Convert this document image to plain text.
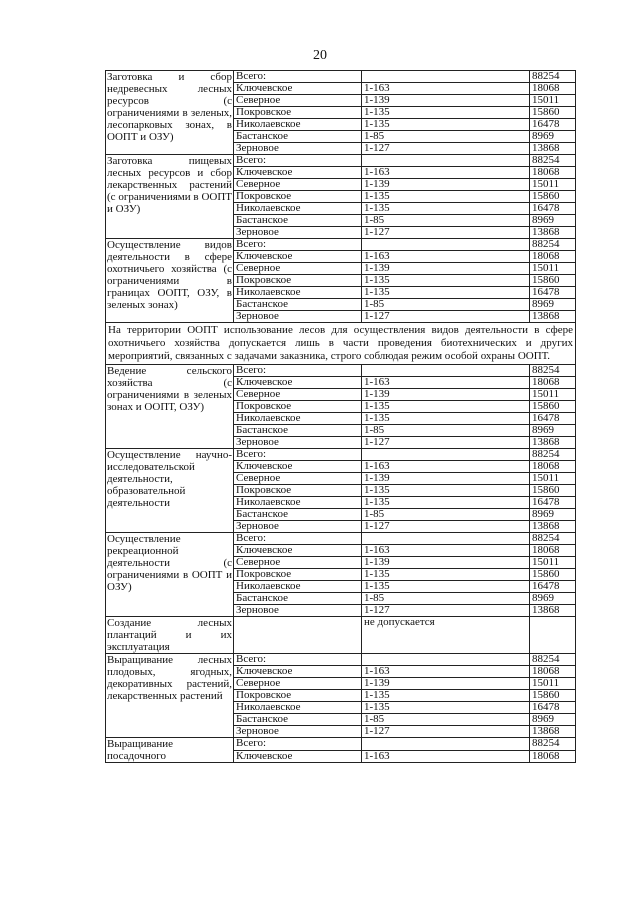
20
Заготовка и сбор недревесных лесных ресурсов (с ограничениями в зеленых, лесопарковых зонах, в ООПТ и ОЗУ)	Всего:		88254
	Ключевское	1-163	18068
	Северное	1-139	15011
	Покровское	1-135	15860
	Николаевское	1-135	16478
	Бастанское	1-85	8969
	Зерновое	1-127	13868
Заготовка пищевых лесных ресурсов и сбор лекарственных растений (с ограничениями в ООПТ и ОЗУ)	Всего:		88254
	Ключевское	1-163	18068
	Северное	1-139	15011
	Покровское	1-135	15860
	Николаевское	1-135	16478
	Бастанское	1-85	8969
	Зерновое	1-127	13868
Осуществление видов деятельности в сфере охотничьего хозяйства (с ограничениями в границах ООПТ, ОЗУ, в зеленых зонах)	Всего:		88254
	Ключевское	1-163	18068
	Северное	1-139	15011
	Покровское	1-135	15860
	Николаевское	1-135	16478
	Бастанское	1-85	8969
	Зерновое	1-127	13868
На территории ООПТ использование лесов для осуществления видов деятельности в сфере охотничьего хозяйства допускается лишь в части проведения биотехнических и других мероприятий, связанных с задачами заказника, строго соблюдая режим особой охраны ООПТ.			
Ведение сельского хозяйства (с ограничениями в зеленых зонах и ООПТ, ОЗУ)	Всего:		88254
	Ключевское	1-163	18068
	Северное	1-139	15011
	Покровское	1-135	15860
	Николаевское	1-135	16478
	Бастанское	1-85	8969
	Зерновое	1-127	13868
Осуществление научно-исследовательской деятельности, образовательной деятельности	Всего:		88254
	Ключевское	1-163	18068
	Северное	1-139	15011
	Покровское	1-135	15860
	Николаевское	1-135	16478
	Бастанское	1-85	8969
	Зерновое	1-127	13868
Осуществление рекреационной деятельности (с ограничениями в ООПТ и ОЗУ)	Всего:		88254
	Ключевское	1-163	18068
	Северное	1-139	15011
	Покровское	1-135	15860
	Николаевское	1-135	16478
	Бастанское	1-85	8969
	Зерновое	1-127	13868
Создание лесных плантаций и их эксплуатация		не допускается	
Выращивание лесных плодовых, ягодных, декоративных растений, лекарственных растений	Всего:		88254
	Ключевское	1-163	18068
	Северное	1-139	15011
	Покровское	1-135	15860
	Николаевское	1-135	16478
	Бастанское	1-85	8969
	Зерновое	1-127	13868
Выращивание посадочного	Всего:		88254
	Ключевское	1-163	18068
